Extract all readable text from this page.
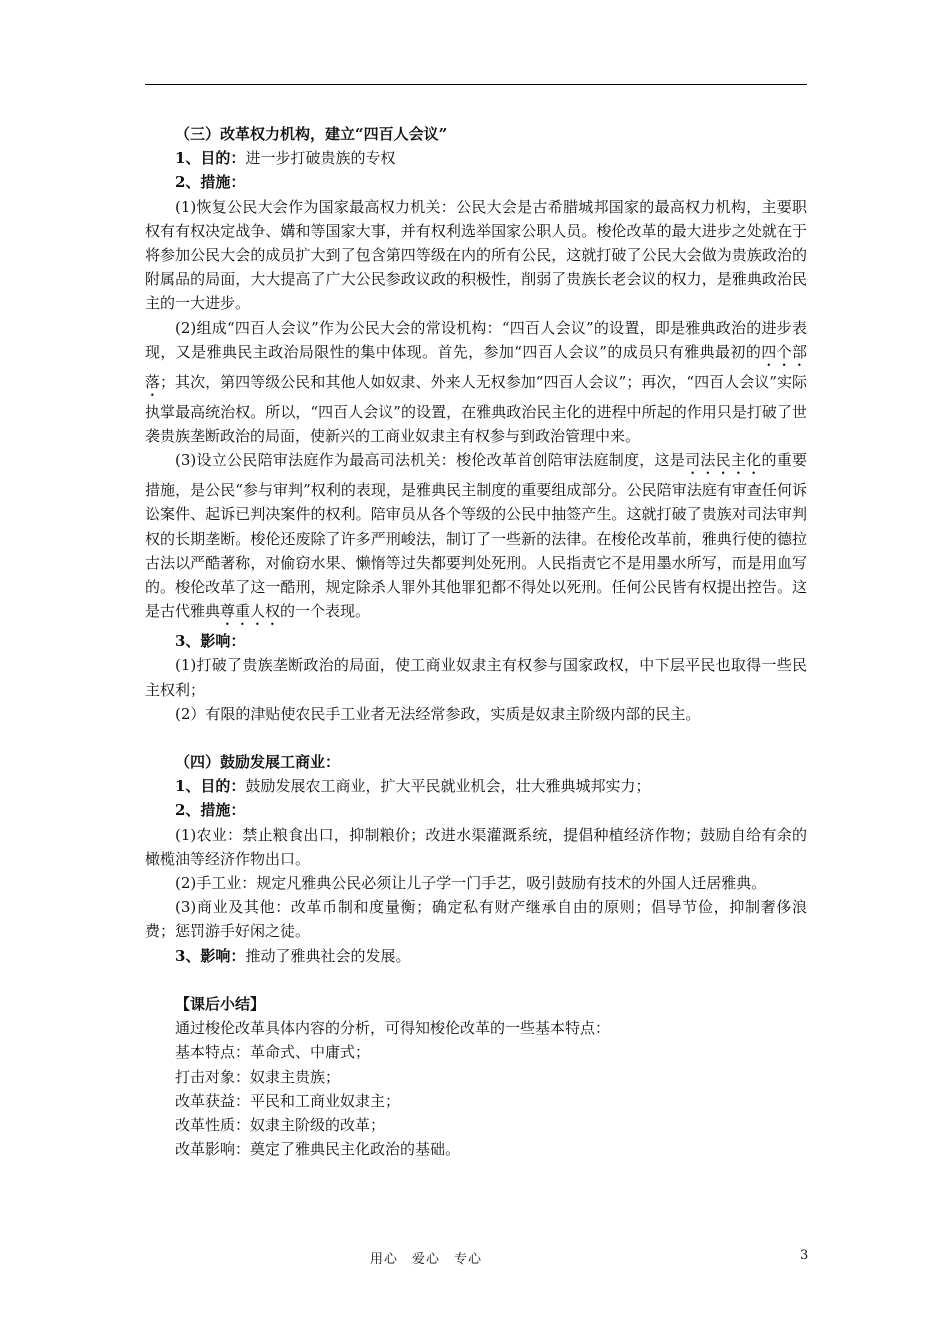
（三）改革权力机构，建立“四百人会议”

1、目的：进一步打破贵族的专权

2、措施：

(1)恢复公民大会作为国家最高权力机关：公民大会是古希腊城邦国家的最高权力机构，主要职权有有权决定战争、媾和等国家大事，并有权利选举国家公职人员。梭伦改革的最大进步之处就在于将参加公民大会的成员扩大到了包含第四等级在内的所有公民，这就打破了公民大会做为贵族政治的附属品的局面，大大提高了广大公民参政议政的积极性，削弱了贵族长老会议的权力，是雅典政治民主的一大进步。

(2)组成“四百人会议”作为公民大会的常设机构：“四百人会议”的设置，即是雅典政治的进步表现，又是雅典民主政治局限性的集中体现。首先，参加“四百人会议”的成员只有雅典最初的四个部落；其次，第四等级公民和其他人如奴隶、外来人无权参加“四百人会议”；再次，“四百人会议”实际执掌最高统治权。所以，“四百人会议”的设置，在雅典政治民主化的进程中所起的作用只是打破了世袭贵族垄断政治的局面，使新兴的工商业奴隶主有权参与到政治管理中来。

(3)设立公民陪审法庭作为最高司法机关：梭伦改革首创陪审法庭制度，这是司法民主化的重要措施，是公民“参与审判”权利的表现，是雅典民主制度的重要组成部分。公民陪审法庭有审查任何诉讼案件、起诉已判决案件的权利。陪审员从各个等级的公民中抽签产生。这就打破了贵族对司法审判权的长期垄断。梭伦还废除了许多严刑峻法，制订了一些新的法律。在梭伦改革前，雅典行使的德拉古法以严酷著称，对偷窃水果、懒惰等过失都要判处死刑。人民指责它不是用墨水所写，而是用血写的。梭伦改革了这一酷刑，规定除杀人罪外其他罪犯都不得处以死刑。任何公民皆有权提出控告。这是古代雅典尊重人权的一个表现。

3、影响：

(1)打破了贵族垄断政治的局面，使工商业奴隶主有权参与国家政权，中下层平民也取得一些民主权利；

(2）有限的津贴使农民手工业者无法经常参政，实质是奴隶主阶级内部的民主。

（四）鼓励发展工商业：

1、目的：鼓励发展农工商业，扩大平民就业机会，壮大雅典城邦实力；

2、措施：

(1)农业：禁止粮食出口，抑制粮价；改进水渠灌溉系统，提倡种植经济作物；鼓励自给有余的橄榄油等经济作物出口。

(2)手工业：规定凡雅典公民必须让儿子学一门手艺，吸引鼓励有技术的外国人迁居雅典。

(3)商业及其他：改革币制和度量衡；确定私有财产继承自由的原则；倡导节俭，抑制奢侈浪费；惩罚游手好闲之徒。

3、影响：推动了雅典社会的发展。

【课后小结】

通过梭伦改革具体内容的分析，可得知梭伦改革的一些基本特点：

基本特点：革命式、中庸式；

打击对象：奴隶主贵族；

改革获益：平民和工商业奴隶主；

改革性质：奴隶主阶级的改革；

改革影响：奠定了雅典民主化政治的基础。

用心　爱心　专心	3
